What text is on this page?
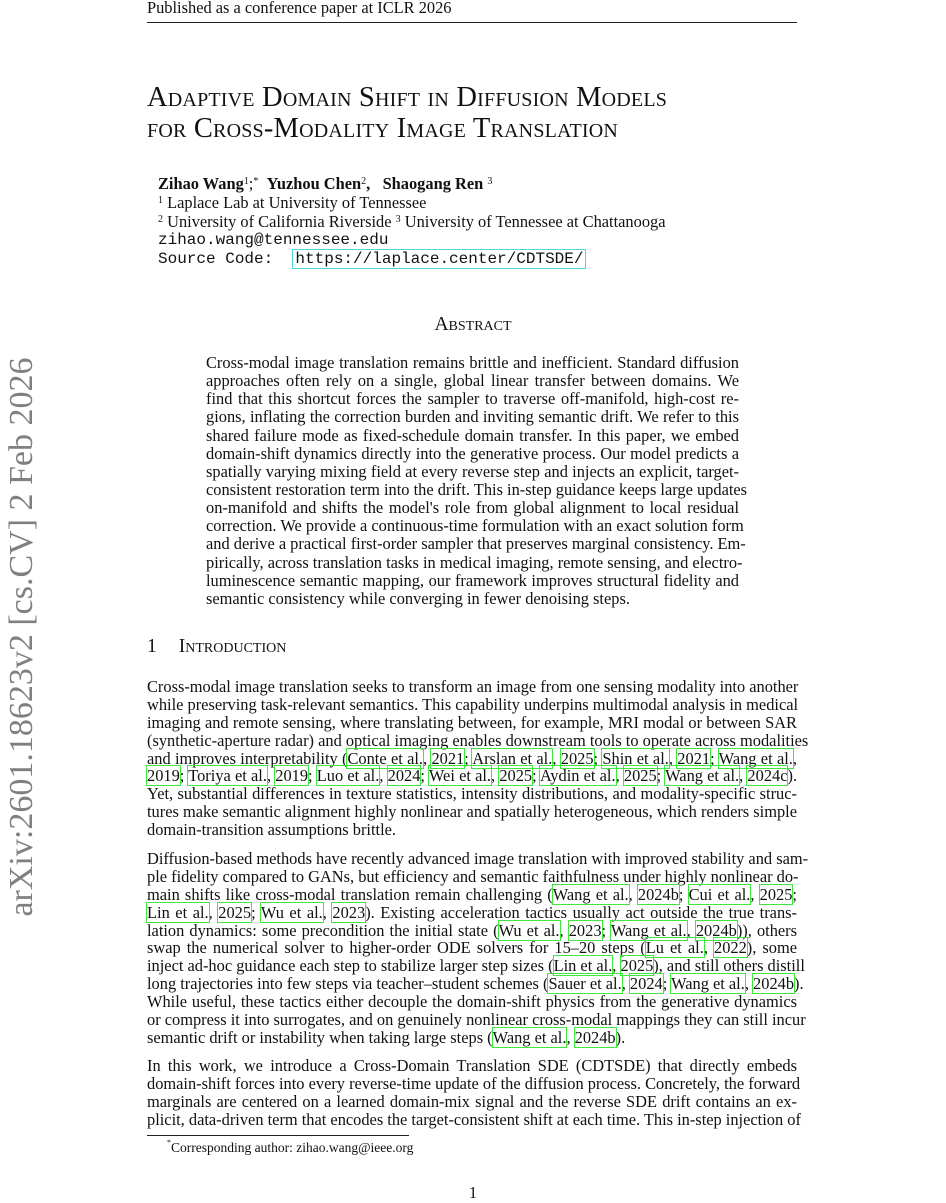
Published as a conference paper at ICLR 2026
arXiv:2601.18623v2 [cs.CV] 2 Feb 2026
Adaptive Domain Shift in Diffusion Models
for Cross-Modality Image Translation
Zihao Wang$^1$;* Yuzhou Chen$^2$, Shaogang Ren $^3$
$^1$ Laplace Lab at University of Tennessee
$^2$ University of California Riverside $^3$ University of Tennessee at Chattanooga
zihao.wang@tennessee.edu
Source Code: https://laplace.center/CDTSDE/
Abstract
Cross-modal image translation remains brittle and inefficient. Standard diffusion
approaches often rely on a single, global linear transfer between domains. We
find that this shortcut forces the sampler to traverse off-manifold, high-cost re-
gions, inflating the correction burden and inviting semantic drift. We refer to this
shared failure mode as fixed-schedule domain transfer. In this paper, we embed
domain-shift dynamics directly into the generative process. Our model predicts a
spatially varying mixing field at every reverse step and injects an explicit, target-
consistent restoration term into the drift. This in-step guidance keeps large updates
on-manifold and shifts the model's role from global alignment to local residual
correction. We provide a continuous-time formulation with an exact solution form
and derive a practical first-order sampler that preserves marginal consistency. Em-
pirically, across translation tasks in medical imaging, remote sensing, and electro-
luminescence semantic mapping, our framework improves structural fidelity and
semantic consistency while converging in fewer denoising steps.
1 Introduction
Cross-modal image translation seeks to transform an image from one sensing modality into another
while preserving task-relevant semantics. This capability underpins multimodal analysis in medical
imaging and remote sensing, where translating between, for example, MRI modal or between SAR
(synthetic-aperture radar) and optical imaging enables downstream tools to operate across modalities
and improves interpretability (Conte et al., 2021; Arslan et al., 2025; Shin et al., 2021; Wang et al.,
2019; Toriya et al., 2019; Luo et al., 2024; Wei et al., 2025; Aydin et al., 2025; Wang et al., 2024c).
Yet, substantial differences in texture statistics, intensity distributions, and modality-specific struc-
tures make semantic alignment highly nonlinear and spatially heterogeneous, which renders simple
domain-transition assumptions brittle.
Diffusion-based methods have recently advanced image translation with improved stability and sam-
ple fidelity compared to GANs, but efficiency and semantic faithfulness under highly nonlinear do-
main shifts like cross-modal translation remain challenging (Wang et al., 2024b; Cui et al., 2025;
Lin et al., 2025; Wu et al., 2023). Existing acceleration tactics usually act outside the true trans-
lation dynamics: some precondition the initial state (Wu et al., 2023; Wang et al., 2024b)), others
swap the numerical solver to higher-order ODE solvers for 15–20 steps (Lu et al., 2022), some
inject ad-hoc guidance each step to stabilize larger step sizes (Lin et al., 2025), and still others distill
long trajectories into few steps via teacher–student schemes (Sauer et al., 2024; Wang et al., 2024b).
While useful, these tactics either decouple the domain-shift physics from the generative dynamics
or compress it into surrogates, and on genuinely nonlinear cross-modal mappings they can still incur
semantic drift or instability when taking large steps (Wang et al., 2024b).
In this work, we introduce a Cross-Domain Translation SDE (CDTSDE) that directly embeds
domain-shift forces into every reverse-time update of the diffusion process. Concretely, the forward
marginals are centered on a learned domain-mix signal and the reverse SDE drift contains an ex-
plicit, data-driven term that encodes the target-consistent shift at each time. This in-step injection of
*Corresponding author: zihao.wang@ieee.org
1
